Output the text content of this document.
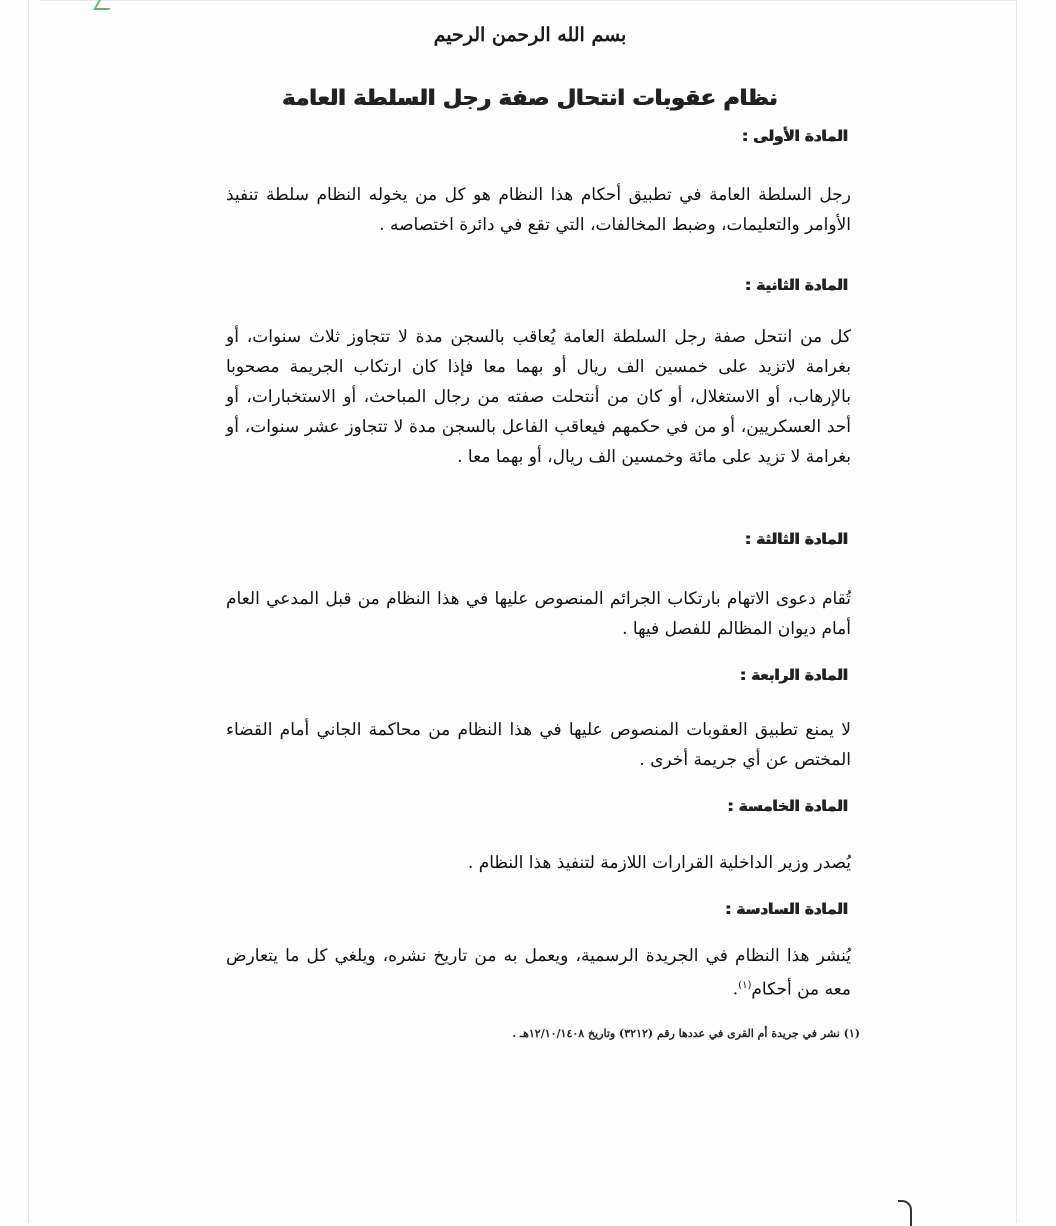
بسم الله الرحمن الرحيم
نظام عقوبات انتحال صفة رجل السلطة العامة
المادة الأولى :
رجل السلطة العامة في تطبيق أحكام هذا النظام هو كل من يخوله النظام سلطة تنفيذ الأوامر والتعليمات، وضبط المخالفات، التي تقع في دائرة اختصاصه .
المادة الثانية :
كل من انتحل صفة رجل السلطة العامة يُعاقب بالسجن مدة لا تتجاوز ثلاث سنوات، أو بغرامة لاتزيد على خمسين الف ريال أو بهما معا فإذا كان ارتكاب الجريمة مصحوبا بالإرهاب، أو الاستغلال، أو كان من أنتحلت صفته من رجال المباحث، أو الاستخبارات، أو أحد العسكريين، أو من في حكمهم فيعاقب الفاعل بالسجن مدة لا تتجاوز عشر سنوات، أو بغرامة لا تزيد على مائة وخمسين الف ريال، أو بهما معا .
المادة الثالثة :
تُقام دعوى الاتهام بارتكاب الجرائم المنصوص عليها في هذا النظام من قبل المدعي العام أمام ديوان المظالم للفصل فيها .
المادة الرابعة :
لا يمنع تطبيق العقوبات المنصوص عليها في هذا النظام من محاكمة الجاني أمام القضاء المختص عن أي جريمة أخرى .
المادة الخامسة :
يُصدر وزير الداخلية القرارات اللازمة لتنفيذ هذا النظام .
المادة السادسة :
يُنشر هذا النظام في الجريدة الرسمية، ويعمل به من تاريخ نشره، ويلغي كل ما يتعارض معه من أحكام$^{(١)}$.
(١) نشر في جريدة أم القرى في عددها رقم (٣٢١٢) وتاريخ ١٢/١٠/١٤٠٨هـ .
